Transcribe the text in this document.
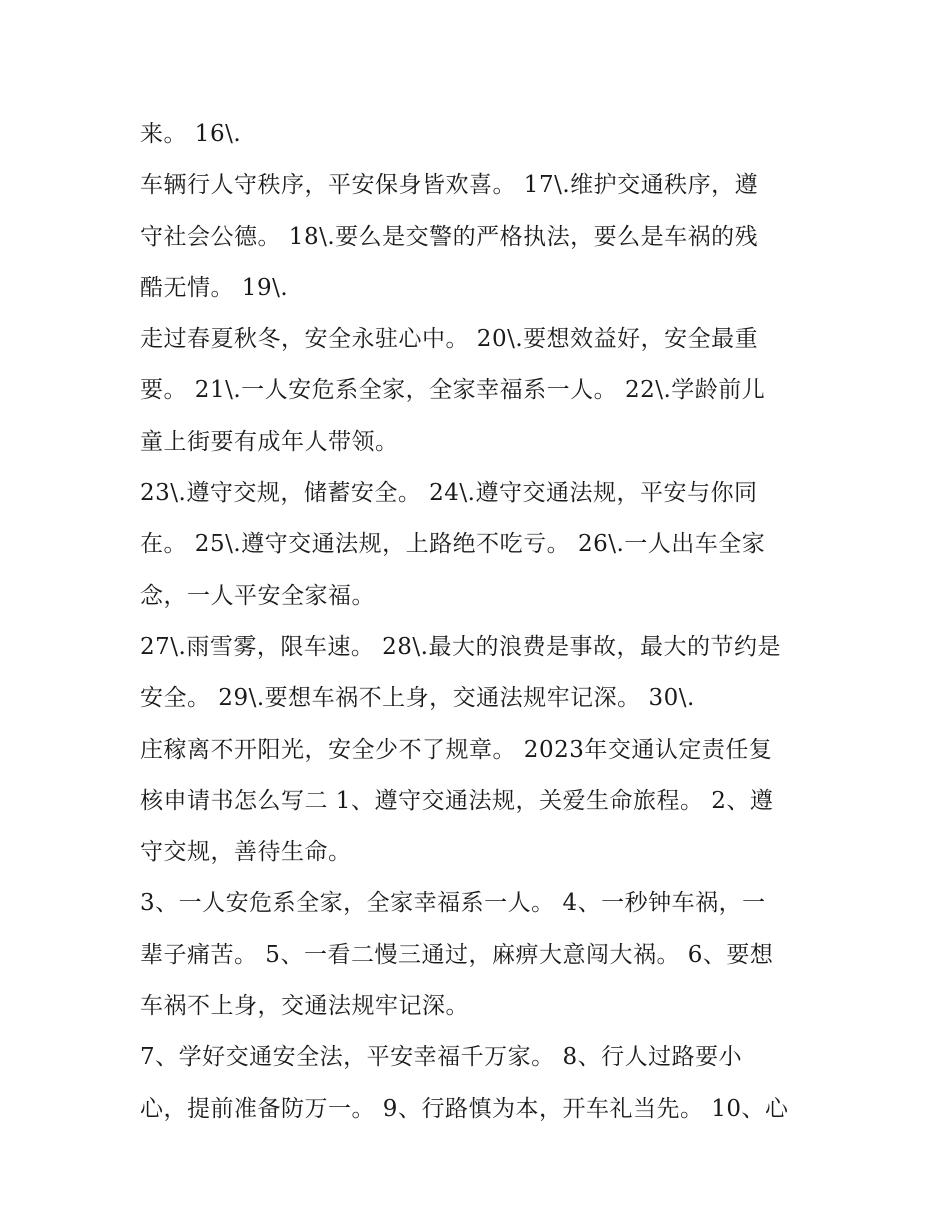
来。 16\.
车辆行人守秩序，平安保身皆欢喜。 17\.维护交通秩序，遵
守社会公德。 18\.要么是交警的严格执法，要么是车祸的残
酷无情。 19\.
走过春夏秋冬，安全永驻心中。 20\.要想效益好，安全最重
要。 21\.一人安危系全家，全家幸福系一人。 22\.学龄前儿
童上街要有成年人带领。
23\.遵守交规，储蓄安全。 24\.遵守交通法规，平安与你同
在。 25\.遵守交通法规，上路绝不吃亏。 26\.一人出车全家
念，一人平安全家福。
27\.雨雪雾，限车速。 28\.最大的浪费是事故，最大的节约是
安全。 29\.要想车祸不上身，交通法规牢记深。 30\.
庄稼离不开阳光，安全少不了规章。 2023年交通认定责任复
核申请书怎么写二 1、遵守交通法规，关爱生命旅程。 2、遵
守交规，善待生命。
3、一人安危系全家，全家幸福系一人。 4、一秒钟车祸，一
辈子痛苦。 5、一看二慢三通过，麻痹大意闯大祸。 6、要想
车祸不上身，交通法规牢记深。
7、学好交通安全法，平安幸福千万家。 8、行人过路要小
心，提前准备防万一。 9、行路慎为本，开车礼当先。 10、心
